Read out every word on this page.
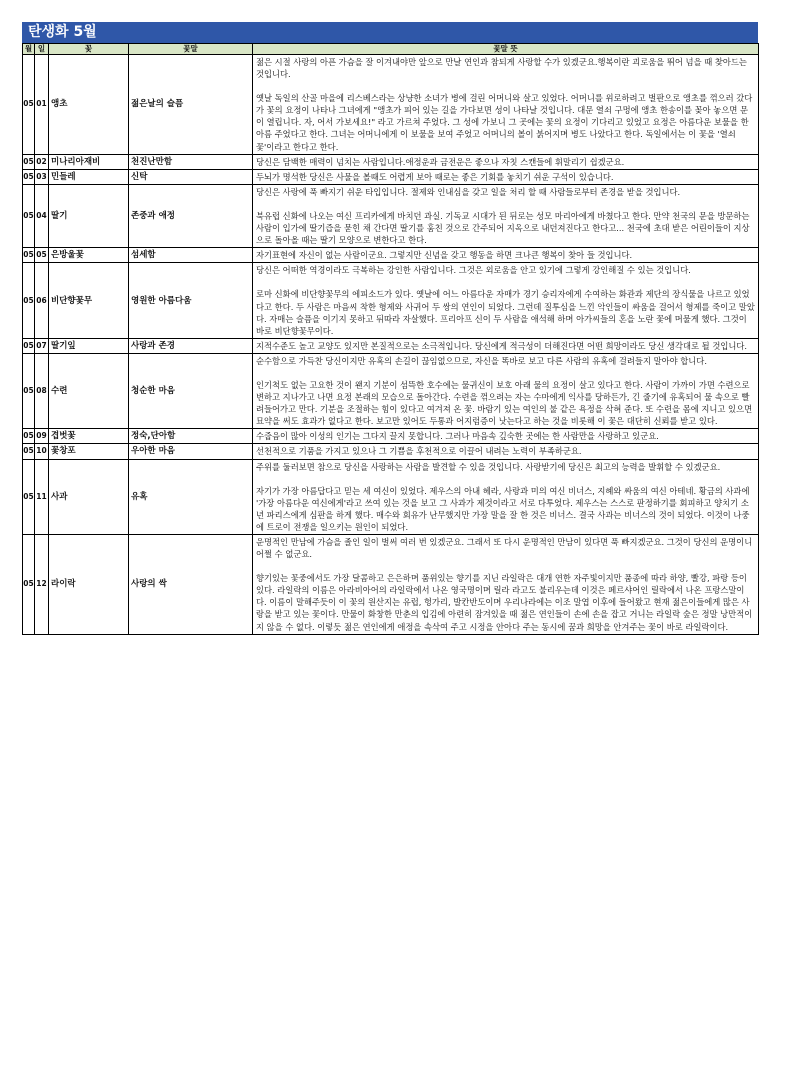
탄생화 5월
월	일	꽃	꽃말	꽃말 뜻
05	01	앵초	젊은날의 슬픔	젊은 시절 사랑의 아픈 가슴을 잘 이겨내야만 앞으로 만날 연인과 참되게 사랑할 수가 있겠군요.행복이란 괴로움을 뛰어 넘을 때 찾아드는 것입니다.
옛날 독일의 산골 마을에 리스베스라는 상냥한 소녀가 병에 걸린 어머니와 살고 있었다. 어머니를 위로하려고 벌판으로 앵초를 꺾으러 갔다가 꽃의 요정이 나타나 그녀에게 "앵초가 피어 있는 길을 가다보면 성이 나타날 것입니다. 대문 열쇠 구멍에 앵초 한송이를 꽂아 놓으면 문이 열립니다. 자, 어서 가보세요!" 라고 가르쳐 주었다. 그 성에 가보니 그 곳에는 꽃의 요정이 기다리고 있었고 요정은 아름다운 보물을 한아름 주었다고 한다. 그녀는 어머니에게 이 보물을 보여 주었고 어머니의 볼이 붉어지며 병도 나았다고 한다. 독일에서는 이 꽃을 '열쇠 꽃'이라고 한다고 한다.

05	02	미나리아재비	천진난만함	당신은 담백한 매력이 넘치는 사람입니다.애정운과 금전운은 좋으나 자칫 스캔들에 휘말리기 쉽겠군요.

05	03	민들레	신탁	두뇌가 명석한 당신은 사물을 볼때도 어렵게 보아 때로는 좋은 기회를 놓치기 쉬운 구석이 있습니다.

05	04	딸기	존중과 애정	당신은 사랑에 푹 빠지기 쉬운 타입입니다. 절제와 인내심을 갖고 일을 처리 할 때 사람들로부터 존경을 받을 것입니다.
북유럽 신화에 나오는 여신 프리카에게 바치던 과실. 기독교 시대가 된 뒤로는 성모 마리아에게 바쳤다고 한다. 만약 천국의 문을 방문하는 사람이 입가에 딸기즙을 묻힌 채 간다면 딸기를 훔친 것으로 간주되어 지옥으로 내던져진다고 한다고... 천국에 초대 받은 어린이들이 지상으로 돌아올 때는 딸기 모양으로 변한다고 한다.

05	05	은방울꽃	섬세함	자기표현에 자신이 없는 사람이군요. 그렇지만 신념을 갖고 행동을 하면 크나큰 행복이 찾아 들 것입니다.

05	06	비단향꽃무	영원한 아름다움	당신은 어떠한 역경이라도 극복하는 강인한 사람입니다. 그것은 외로움을 안고 있기에 그렇게 강인해질 수 있는 것입니다.
로마 신화에 비단향꽃무의 에피소드가 있다. 옛날에 어느 아름다운 자매가 경기 승리자에게 수여하는 화관과 제단의 장식물을 나르고 있었다고 한다. 두 사람은 마음씨 착한 형제와 사귀어 두 쌍의 연인이 되었다. 그런데 질투심을 느낀 악인들이 싸움을 걸어서 형제를 죽이고 말았다. 자매는 슬픔을 이기지 못하고 뒤따라 자살했다. 프리아프 신이 두 사람을 애석해 하며 아가씨들의 혼을 노란 꽃에 머물게 했다. 그것이 바로 비단향꽃무이다.

05	07	딸기잎	사랑과 존경	지적수준도 높고 교양도 있지만 본질적으로는 소극적입니다. 당신에게 적극성이 더해진다면 어떤 희망이라도 당신 생각대로 될 것입니다.

05	08	수련	청순한 마음	순수함으로 가득찬 당신이지만 유혹의 손길이 끊임없으므로, 자신을 똑바로 보고 다른 사람의 유혹에 걸려들지 말아야 합니다.
인기척도 없는 고요한 것이 왠지 기분이 섬뜩한 호수에는 물귀신이 보호 아래 물의 요정이 살고 있다고 한다. 사람이 가까이 가면 수련으로 변하고 지나가고 나면 요정 본래의 모습으로 돌아간다. 수련을 꺾으려는 자는 수마에게 익사를 당하든가, 긴 줄기에 유혹되어 물 속으로 빨려들어가고 만다. 기분을 조절하는 힘이 있다고 여겨져 온 꽃. 바람기 있는 여인의 불 같은 욕정을 삭혀 준다. 또 수련을 몸에 지니고 있으면 묘약을 써도 효과가 없다고 한다. 보고만 있어도 두통과 어지럼증이 낫는다고 하는 것을 비롯해 이 꽃은 대단히 신뢰를 받고 있다.

05	09	겹벗꽃	정숙,단아함	수줍음이 많아 이성의 인기는 그다지 끌지 못합니다. 그러나 마음속 깊숙한 곳에는 한 사람만을 사랑하고 있군요.

05	10	꽃창포	우아한 마음	선천적으로 기품을 가지고 있으나 그 기쁨을 후천적으로 이끌어 내려는 노력이 부족하군요.

05	11	사과	유혹	주위를 둘러보면 참으로 당신을 사랑하는 사람을 발견할 수 있을 것입니다. 사랑받기에 당신은 최고의 능력을 발휘할 수 있겠군요.
자기가 가장 아름답다고 믿는 세 여신이 있었다. 제우스의 아내 헤라, 사랑과 미의 여신 비너스, 지혜와 싸움의 여신 아테네. 황금의 사과에 '가장 아름다운 여신에게'라고 쓰여 있는 것을 보고 그 사과가 제것이라고 서로 다투었다. 제우스는 스스로 판정하기를 회피하고 양치기 소년 파리스에게 심판을 하게 했다. 매수와 회유가 난무했지만 가장 말을 잘 한 것은 비너스. 결국 사과는 비너스의 것이 되었다. 이것이 나중에 트로이 전쟁을 일으키는 원인이 되었다.

05	12	라이락	사랑의 싹	운명적인 만남에 가슴을 졸인 일이 벌써 여러 번 있겠군요. 그래서 또 다시 운명적인 만남이 있다면 푹 빠지겠군요. 그것이 당신의 운명이니 어쩔 수 없군요.
향기있는 꽃중에서도 가장 달콤하고 은은하며 품위있는 향기를 지닌 라일락은 대개 연한 자주빛이지만 품종에 따라 하양, 빨강, 파랑 등이 있다. 라일락의 이름은 아라비아어의 라일락에서 나온 영국명이며 릴라 라고도 불리우는데 이것은 페르샤어인 릴락에서 나온 프랑스말이다. 이름이 말해주듯이 이 꽃의 원산지는 유럽, 헝가리, 발칸반도이며 우리나라에는 이조 말엽 이후에 들어왔고 현재 젊은이들에게 많은 사랑을 받고 있는 꽃이다. 만물이 화창한 만춘의 입김에 아련히 잠겨있을 때 젊은 연인들이 손에 손을 잡고 거니는 라일락 숲은 정말 낭만적이지 않을 수 없다. 이렇듯 젊은 연인에게 애정을 속삭여 주고 시정을 안아다 주는 동시에 꿈과 희망을 안겨주는 꽃이 바로 라일락이다.
